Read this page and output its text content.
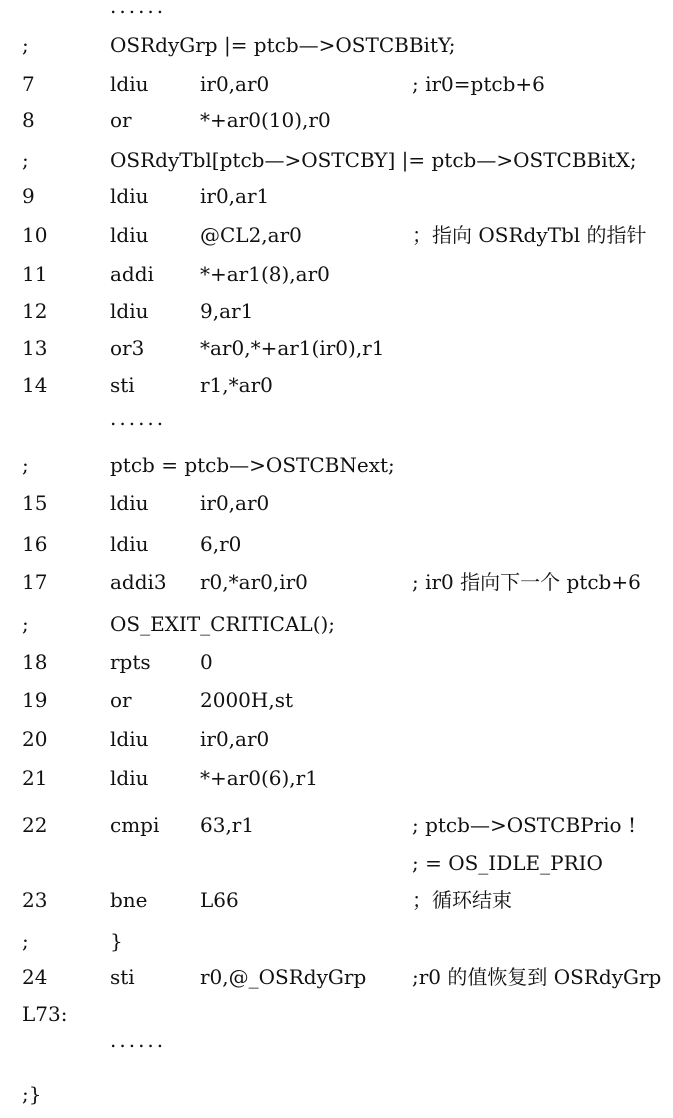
......
;	OSRdyGrp |= ptcb—>OSTCBBitY;
7	ldiu	ir0,ar0	; ir0=ptcb+6
8	or	*+ar0(10),r0
;	OSRdyTbl[ptcb—>OSTCBY] |= ptcb—>OSTCBBitX;
9	ldiu	ir0,ar1
10	ldiu	@CL2,ar0	；指向 OSRdyTbl 的指针
11	addi *+ar1(8),ar0
12	ldiu	9,ar1
13	or3	*ar0,*+ar1(ir0),r1
14	sti	r1,*ar0
......
;	ptcb = ptcb—>OSTCBNext;
15	ldiu	ir0,ar0
16	ldiu	6,r0
17	addi3 r0,*ar0,ir0	; ir0 指向下一个 ptcb+6
;	OS_EXIT_CRITICAL();
18	rpts 0
19	or	2000H,st
20	ldiu	ir0,ar0
21	ldiu	*+ar0(6),r1
22	cmpi 63,r1	; ptcb—>OSTCBPrio !
; = OS_IDLE_PRIO
23	bne	L66	；循环结束
;	}
24	sti	r0,@_OSRdyGrp ;r0 的值恢复到 OSRdyGrp
L73:
......
;}
